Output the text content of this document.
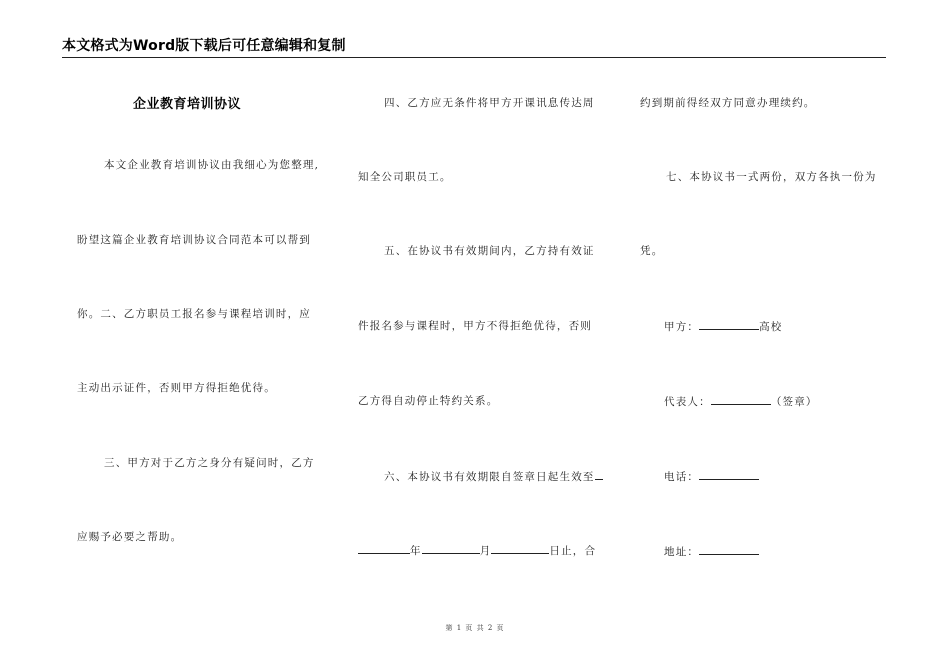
本文格式为Word版下载后可任意编辑和复制
企业教育培训协议
本文企业教育培训协议由我细心为您整理,
盼望这篇企业教育培训协议合同范本可以帮到
你。二、乙方职员工报名参与课程培训时，应
主动出示证件，否则甲方得拒绝优待。
三、甲方对于乙方之身分有疑问时，乙方
应赐予必要之帮助。
四、乙方应无条件将甲方开课讯息传达周
知全公司职员工。
五、在协议书有效期间内，乙方持有效证
件报名参与课程时，甲方不得拒绝优待，否则
乙方得自动停止特约关系。
六、本协议书有效期限自签章日起生效至
年	月	日止，合
约到期前得经双方同意办理续约。
七、本协议书一式两份，双方各执一份为
凭。
甲方：	高校
代表人：	（签章）
电话：
地址：
第 1 页 共 2 页
